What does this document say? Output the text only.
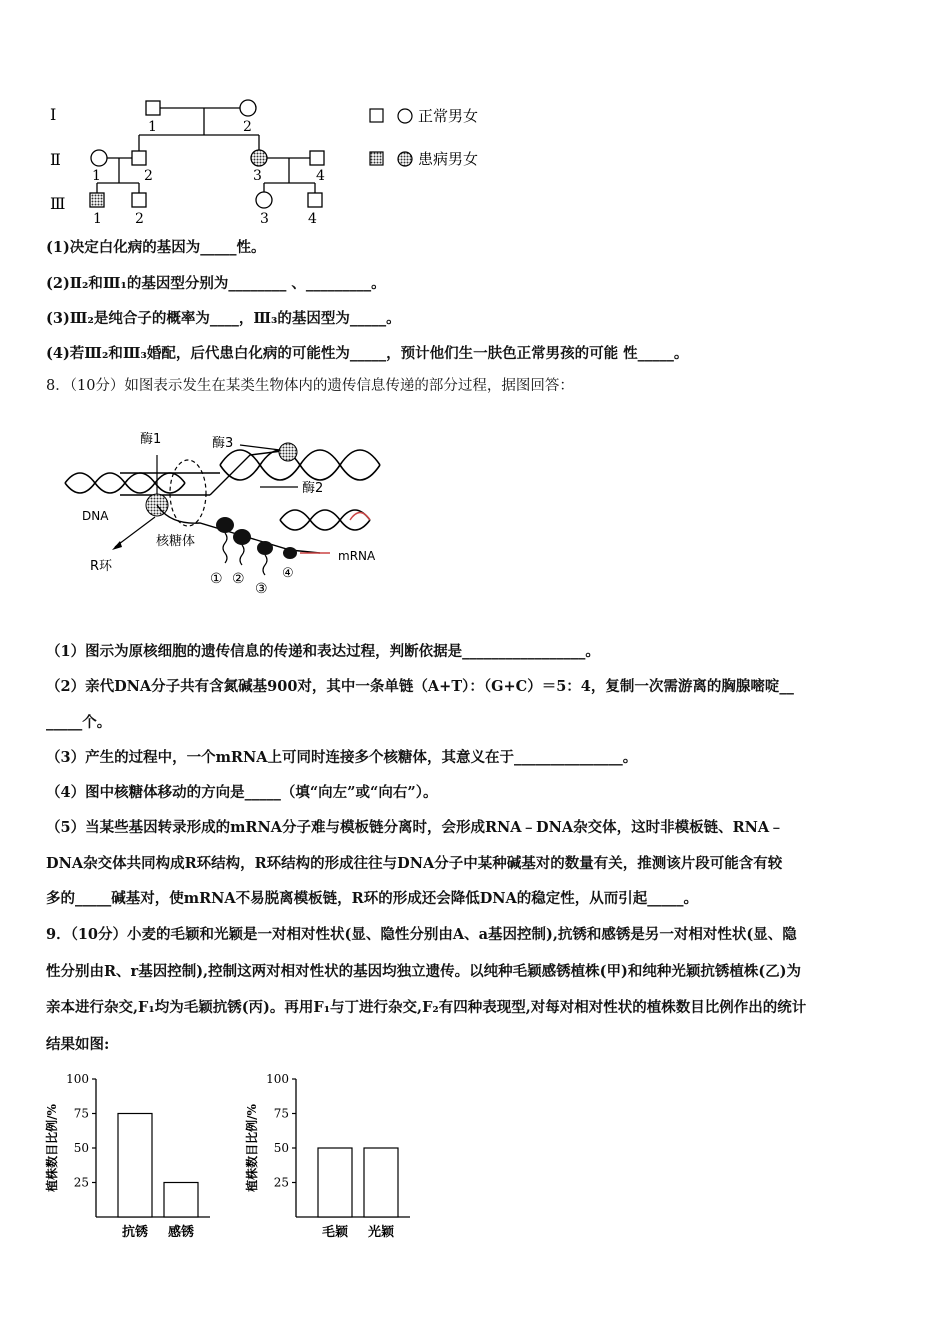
Ⅰ
Ⅱ
Ⅲ
1	2
1	2	3	4
1 2	3	4
正常男女
患病男女
(1)决定白化病的基因为_____性。
(2)Ⅱ₂和Ⅲ₁的基因型分别为________ 、_________。
(3)Ⅲ₂是纯合子的概率为____，Ⅲ₃的基因型为_____。
(4)若Ⅲ₂和Ⅲ₃婚配，后代患白化病的可能性为_____，预计他们生一肤色正常男孩的可能 性_____。
8．（10分）如图表示发生在某类生物体内的遗传信息传递的部分过程，据图回答：
酶1	酶3
酶2
DNA
核糖体
R环
mRNA
① ②
③
④
（1）图示为原核细胞的遗传信息的传递和表达过程，判断依据是_________________。
（2）亲代DNA分子共有含氮碱基900对，其中一条单链（A+T）：（G+C）＝5：4，复制一次需游离的胸腺嘧啶__
_____个。
（3）产生的过程中，一个mRNA上可同时连接多个核糖体，其意义在于_______________。
（4）图中核糖体移动的方向是_____（填“向左”或“向右”）。
（5）当某些基因转录形成的mRNA分子难与模板链分离时，会形成RNA﹣DNA杂交体，这时非模板链、RNA﹣
DNA杂交体共同构成R环结构，R环结构的形成往往与DNA分子中某种碱基对的数量有关，推测该片段可能含有较
多的_____碱基对，使mRNA不易脱离模板链，R环的形成还会降低DNA的稳定性，从而引起_____。
9．（10分）小麦的毛颖和光颖是一对相对性状(显、隐性分别由A、a基因控制),抗锈和感锈是另一对相对性状(显、隐
性分别由R、r基因控制),控制这两对相对性状的基因均独立遗传。以纯种毛颖感锈植株(甲)和纯种光颖抗锈植株(乙)为
亲本进行杂交,F₁均为毛颖抗锈(丙)。再用F₁与丁进行杂交,F₂有四种表现型,对每对相对性状的植株数目比例作出的统计
结果如图:
25
50
75
100
植株数目比例/%
抗锈 感锈
25
50
75
100
植株数目比例/%
毛颖 光颖
